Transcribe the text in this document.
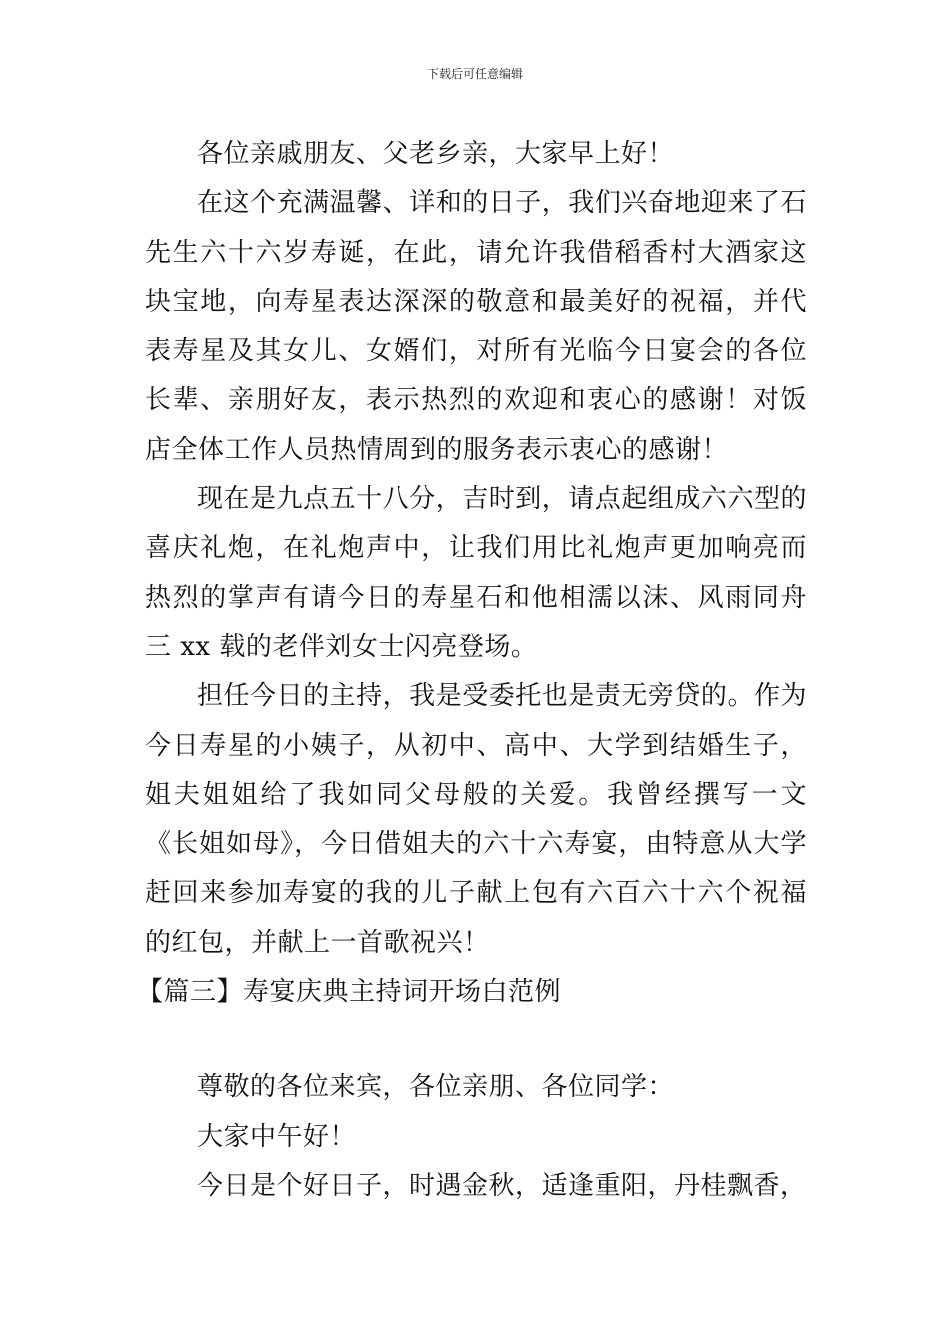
下载后可任意编辑

各位亲戚朋友、父老乡亲，大家早上好！

在这个充满温馨、详和的日子，我们兴奋地迎来了石先生六十六岁寿诞，在此，请允许我借稻香村大酒家这块宝地，向寿星表达深深的敬意和最美好的祝福，并代表寿星及其女儿、女婿们，对所有光临今日宴会的各位长辈、亲朋好友，表示热烈的欢迎和衷心的感谢！对饭店全体工作人员热情周到的服务表示衷心的感谢！

现在是九点五十八分，吉时到，请点起组成六六型的喜庆礼炮，在礼炮声中，让我们用比礼炮声更加响亮而热烈的掌声有请今日的寿星石和他相濡以沫、风雨同舟三 xx 载的老伴刘女士闪亮登场。

担任今日的主持，我是受委托也是责无旁贷的。作为今日寿星的小姨子，从初中、高中、大学到结婚生子，姐夫姐姐给了我如同父母般的关爱。我曾经撰写一文《长姐如母》，今日借姐夫的六十六寿宴，由特意从大学赶回来参加寿宴的我的儿子献上包有六百六十六个祝福的红包，并献上一首歌祝兴！

【篇三】寿宴庆典主持词开场白范例

尊敬的各位来宾，各位亲朋、各位同学：

大家中午好！

今日是个好日子，时遇金秋，适逢重阳，丹桂飘香，
